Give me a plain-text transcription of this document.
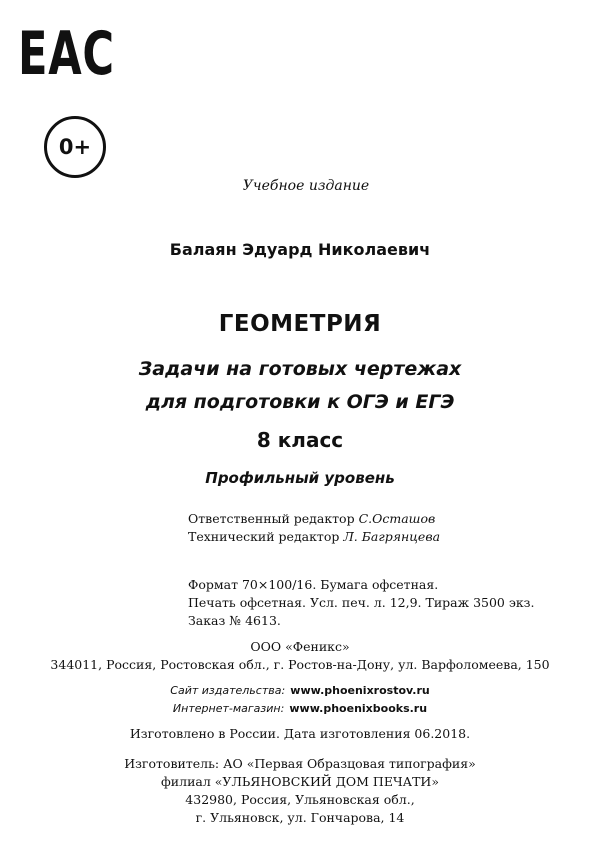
EAC
0+
Учебное издание
Балаян Эдуард Николаевич
ГЕОМЕТРИЯ
Задачи на готовых чертежах
для подготовки к ОГЭ и ЕГЭ
8 класс
Профильный уровень
Ответственный редактор С.Осташов
Технический редактор Л. Багрянцева
Формат 70×100/16. Бумага офсетная.
Печать офсетная. Усл. печ. л. 12,9. Тираж 3500 экз.
Заказ № 4613.
ООО «Феникс»
344011, Россия, Ростовская обл., г. Ростов-на-Дону, ул. Варфоломеева, 150
Сайт издательства: www.phoenixrostov.ru
Интернет-магазин: www.phoenixbooks.ru
Изготовлено в России. Дата изготовления 06.2018.
Изготовитель: АО «Первая Образцовая типография»
филиал «УЛЬЯНОВСКИЙ ДОМ ПЕЧАТИ»
432980, Россия, Ульяновская обл.,
г. Ульяновск, ул. Гончарова, 14
